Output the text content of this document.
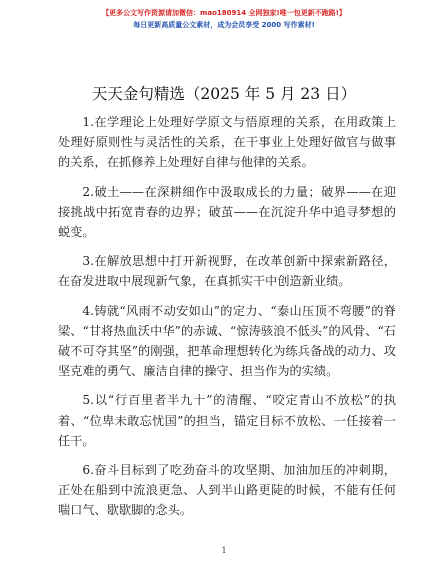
【更多公文写作资源请加微信：mao180914 全网独家!唯一包更新不跑路!】
每日更新高质量公文素材，成为会员享受 2000 写作素材!
天天金句精选（2025 年 5 月 23 日）

1.在学理论上处理好学原文与悟原理的关系，在用政策上处理好原则性与灵活性的关系，在干事业上处理好做官与做事的关系，在抓修养上处理好自律与他律的关系。

2.破土——在深耕细作中汲取成长的力量；破界——在迎接挑战中拓宽青春的边界；破茧——在沉淀升华中追寻梦想的蜕变。

3.在解放思想中打开新视野，在改革创新中探索新路径，在奋发进取中展现新气象，在真抓实干中创造新业绩。

4.铸就“风雨不动安如山”的定力、“泰山压顶不弯腰”的脊梁、“甘将热血沃中华”的赤诚、“惊涛骇浪不低头”的风骨、“石破不可夺其坚”的刚强，把革命理想转化为练兵备战的动力、攻坚克难的勇气、廉洁自律的操守、担当作为的实绩。

5.以“行百里者半九十”的清醒、“咬定青山不放松”的执着、“位卑未敢忘忧国”的担当，锚定目标不放松、一任接着一任干。

6.奋斗目标到了吃劲奋斗的攻坚期、加油加压的冲刺期，正处在船到中流浪更急、人到半山路更陡的时候，不能有任何喘口气、歇歇脚的念头。

1
